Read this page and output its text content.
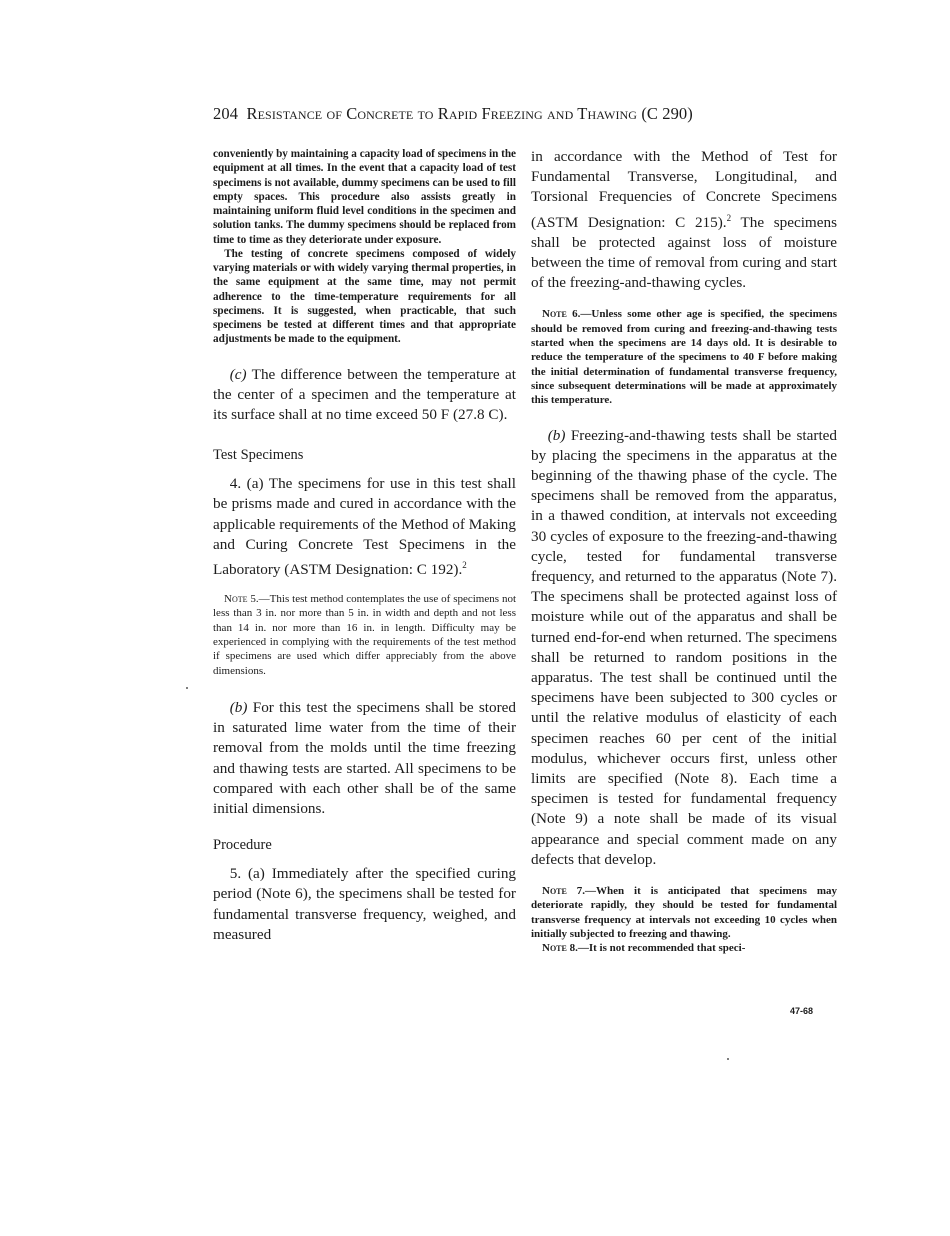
204 Resistance of Concrete to Rapid Freezing and Thawing (C 290)

conveniently by maintaining a capacity load of specimens in the equipment at all times. In the event that a capacity load of test specimens is not available, dummy specimens can be used to fill empty spaces. This procedure also assists greatly in maintaining uniform fluid level conditions in the specimen and solution tanks. The dummy specimens should be replaced from time to time as they deteriorate under exposure.

The testing of concrete specimens composed of widely varying materials or with widely varying thermal properties, in the same equipment at the same time, may not permit adherence to the time-temperature requirements for all specimens. It is suggested, when practicable, that such specimens be tested at different times and that appropriate adjustments be made to the equipment.

(c) The difference between the temperature at the center of a specimen and the temperature at its surface shall at no time exceed 50 F (27.8 C).

Test Specimens

4. (a) The specimens for use in this test shall be prisms made and cured in accordance with the applicable requirements of the Method of Making and Curing Concrete Test Specimens in the Laboratory (ASTM Designation: C 192).$^2$

Note 5.—This test method contemplates the use of specimens not less than 3 in. nor more than 5 in. in width and depth and not less than 14 in. nor more than 16 in. in length. Difficulty may be experienced in complying with the requirements of the test method if specimens are used which differ appreciably from the above dimensions.

(b) For this test the specimens shall be stored in saturated lime water from the time of their removal from the molds until the time freezing and thawing tests are started. All specimens to be compared with each other shall be of the same initial dimensions.

Procedure

5. (a) Immediately after the specified curing period (Note 6), the specimens shall be tested for fundamental transverse frequency, weighed, and measured

in accordance with the Method of Test for Fundamental Transverse, Longitudinal, and Torsional Frequencies of Concrete Specimens (ASTM Designation: C 215).$^2$ The specimens shall be protected against loss of moisture between the time of removal from curing and start of the freezing-and-thawing cycles.

Note 6.—Unless some other age is specified, the specimens should be removed from curing and freezing-and-thawing tests started when the specimens are 14 days old. It is desirable to reduce the temperature of the specimens to 40 F before making the initial determination of fundamental transverse frequency, since subsequent determinations will be made at approximately this temperature.

(b) Freezing-and-thawing tests shall be started by placing the specimens in the apparatus at the beginning of the thawing phase of the cycle. The specimens shall be removed from the apparatus, in a thawed condition, at intervals not exceeding 30 cycles of exposure to the freezing-and-thawing cycle, tested for fundamental transverse frequency, and returned to the apparatus (Note 7). The specimens shall be protected against loss of moisture while out of the apparatus and shall be turned end-for-end when returned. The specimens shall be returned to random positions in the apparatus. The test shall be continued until the specimens have been subjected to 300 cycles or until the relative modulus of elasticity of each specimen reaches 60 per cent of the initial modulus, whichever occurs first, unless other limits are specified (Note 8). Each time a specimen is tested for fundamental frequency (Note 9) a note shall be made of its visual appearance and special comment made on any defects that develop.

Note 7.—When it is anticipated that specimens may deteriorate rapidly, they should be tested for fundamental transverse frequency at intervals not exceeding 10 cycles when initially subjected to freezing and thawing.

Note 8.—It is not recommended that speci-

47-68
